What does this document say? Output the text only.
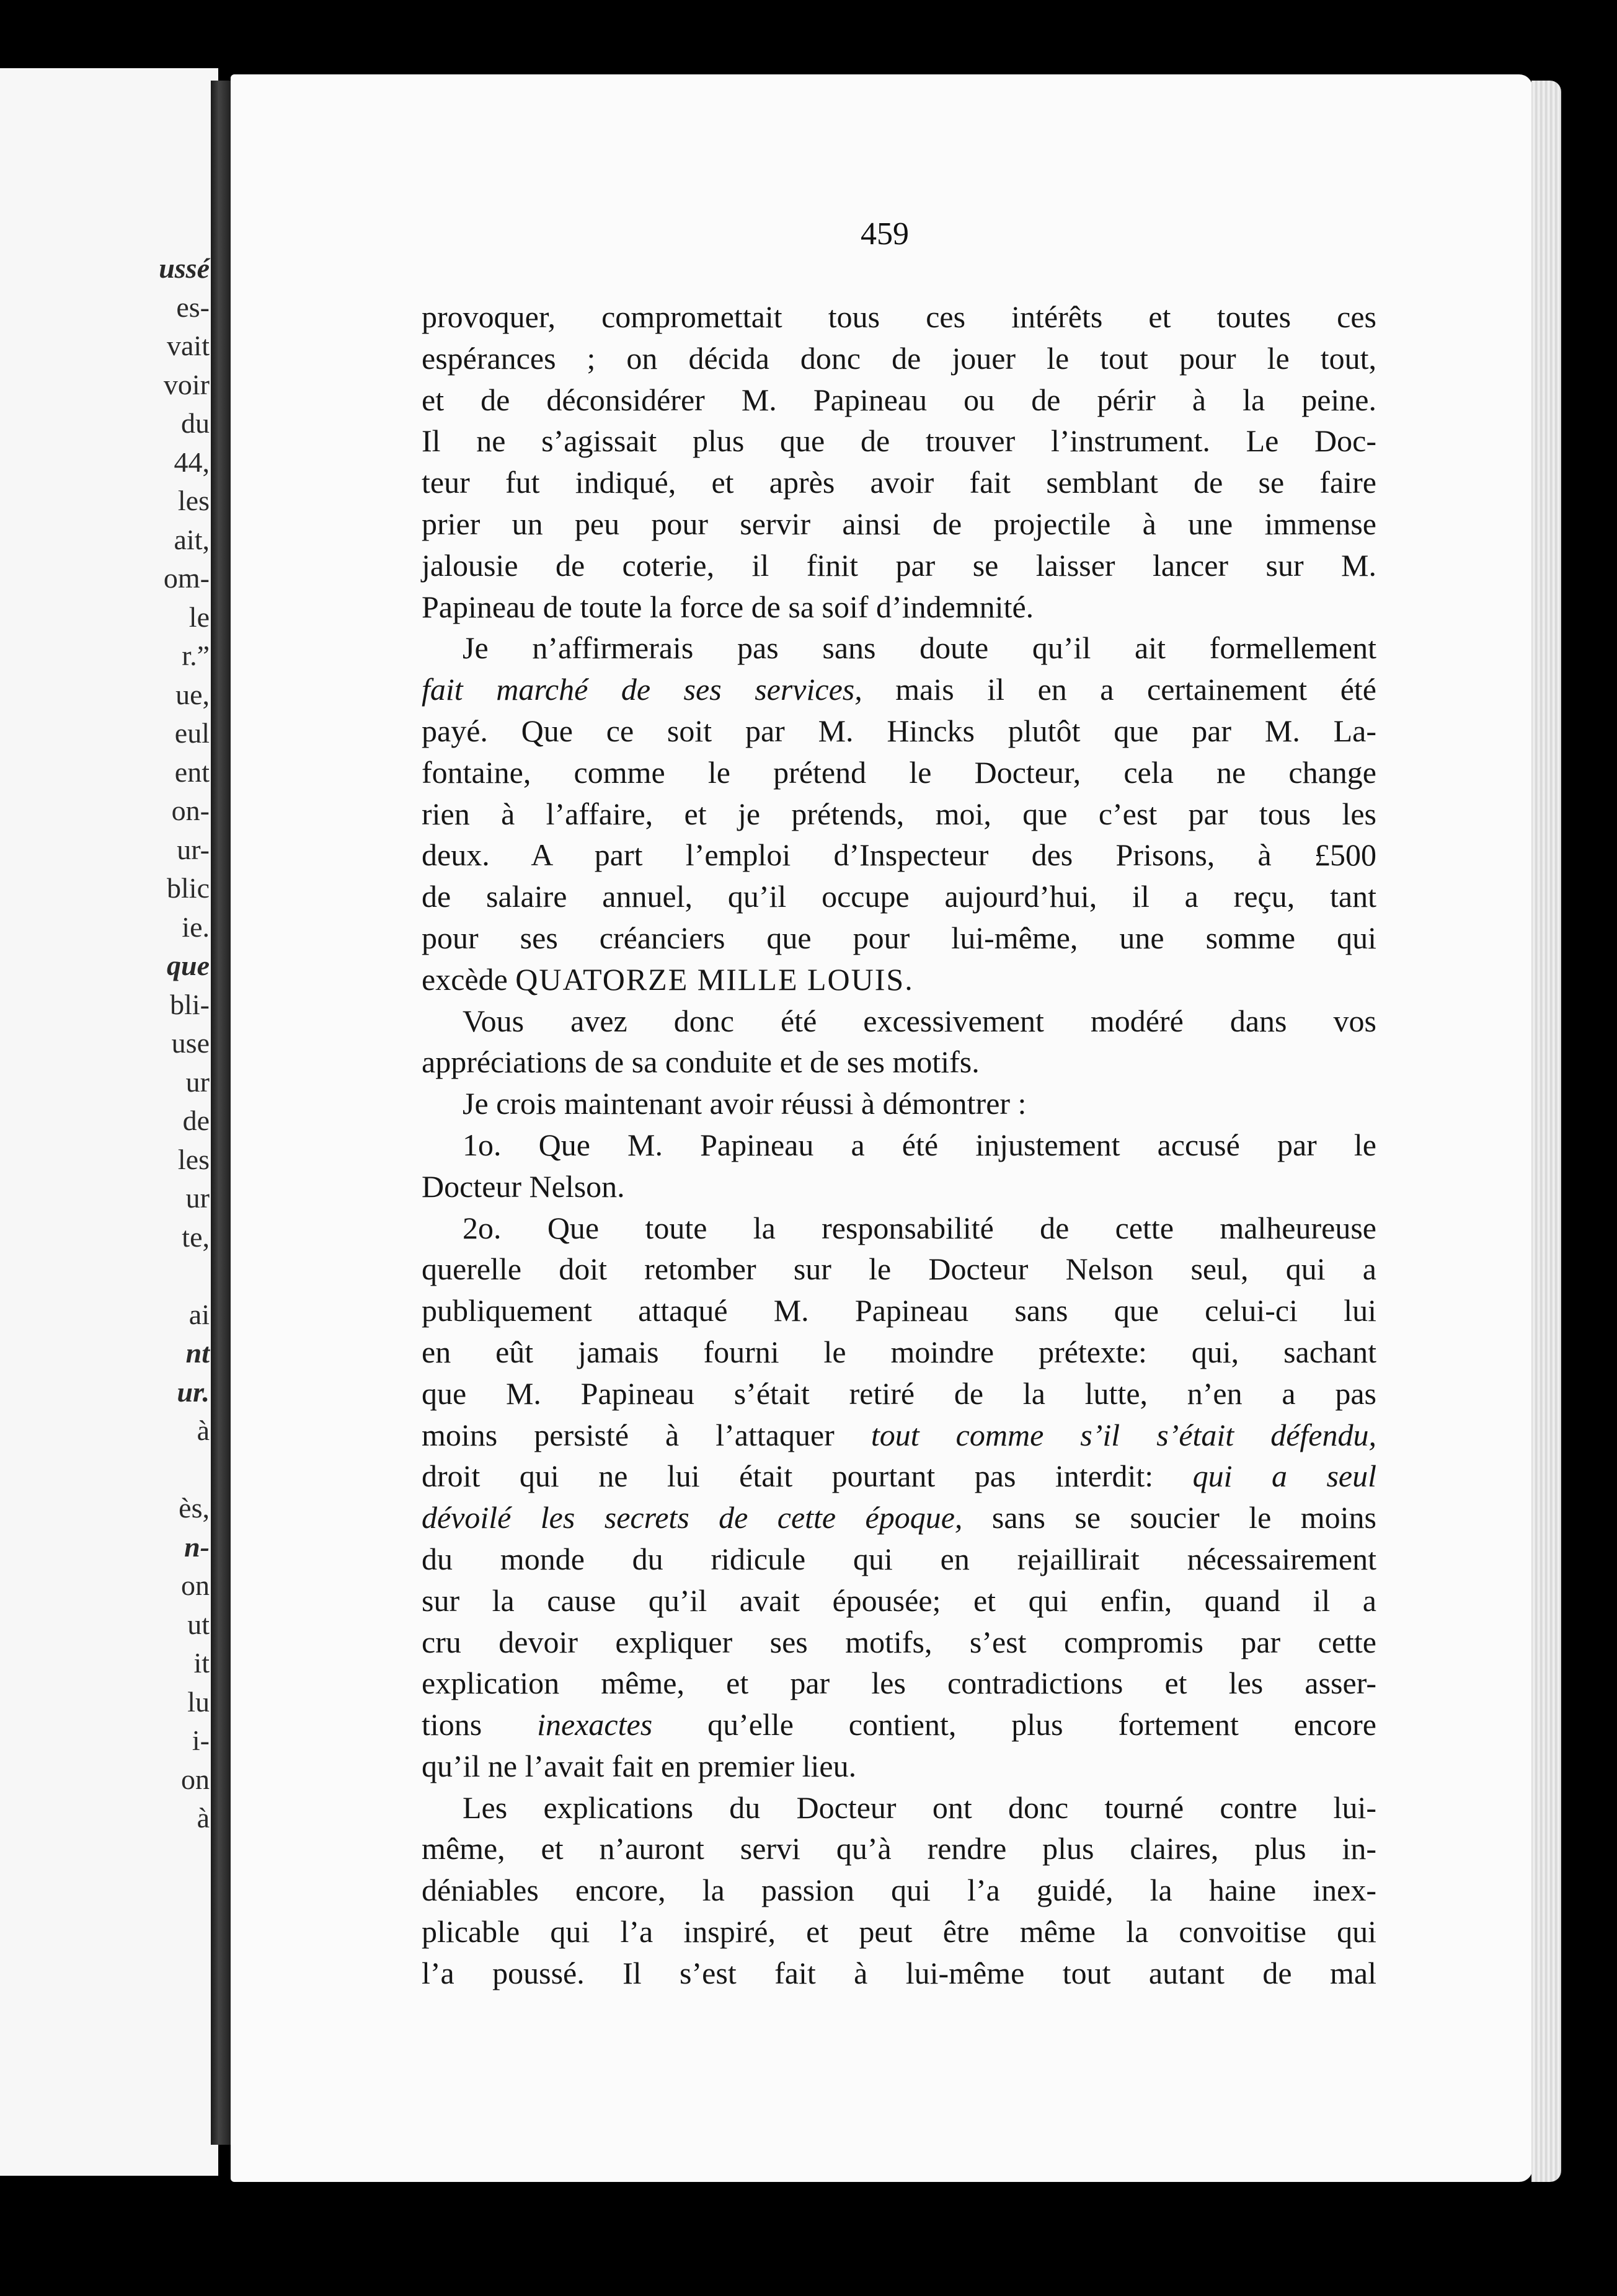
ussé
es-
vait
voir
du
44,
les
ait,
om-
le
r.”
ue,
eul
ent
on-
ur-
blic
ie.
que
bli-
use
ur
de
les
ur
te,
ai
nt
ur.
à
ès,
n-
on
ut
it
lu
i-
on
à
459
provoquer, compromettait tous ces intérêts et toutes ces
espérances ; on décida donc de jouer le tout pour le tout,
et de déconsidérer M. Papineau ou de périr à la peine.
Il ne s’agissait plus que de trouver l’instrument. Le Doc-
teur fut indiqué, et après avoir fait semblant de se faire
prier un peu pour servir ainsi de projectile à une immense
jalousie de coterie, il finit par se laisser lancer sur M.
Papineau de toute la force de sa soif d’indemnité.
Je n’affirmerais pas sans doute qu’il ait formellement
fait marché de ses services, mais il en a certainement été
payé. Que ce soit par M. Hincks plutôt que par M. La-
fontaine, comme le prétend le Docteur, cela ne change
rien à l’affaire, et je prétends, moi, que c’est par tous les
deux. A part l’emploi d’Inspecteur des Prisons, à £500
de salaire annuel, qu’il occupe aujourd’hui, il a reçu, tant
pour ses créanciers que pour lui-même, une somme qui
excède QUATORZE MILLE LOUIS.
Vous avez donc été excessivement modéré dans vos
appréciations de sa conduite et de ses motifs.
Je crois maintenant avoir réussi à démontrer :
1o. Que M. Papineau a été injustement accusé par le
Docteur Nelson.
2o. Que toute la responsabilité de cette malheureuse
querelle doit retomber sur le Docteur Nelson seul, qui a
publiquement attaqué M. Papineau sans que celui-ci lui
en eût jamais fourni le moindre prétexte: qui, sachant
que M. Papineau s’était retiré de la lutte, n’en a pas
moins persisté à l’attaquer tout comme s’il s’était défendu,
droit qui ne lui était pourtant pas interdit: qui a seul
dévoilé les secrets de cette époque, sans se soucier le moins
du monde du ridicule qui en rejaillirait nécessairement
sur la cause qu’il avait épousée; et qui enfin, quand il a
cru devoir expliquer ses motifs, s’est compromis par cette
explication même, et par les contradictions et les asser-
tions inexactes qu’elle contient, plus fortement encore
qu’il ne l’avait fait en premier lieu.
Les explications du Docteur ont donc tourné contre lui-
même, et n’auront servi qu’à rendre plus claires, plus in-
déniables encore, la passion qui l’a guidé, la haine inex-
plicable qui l’a inspiré, et peut être même la convoitise qui
l’a poussé. Il s’est fait à lui-même tout autant de mal
